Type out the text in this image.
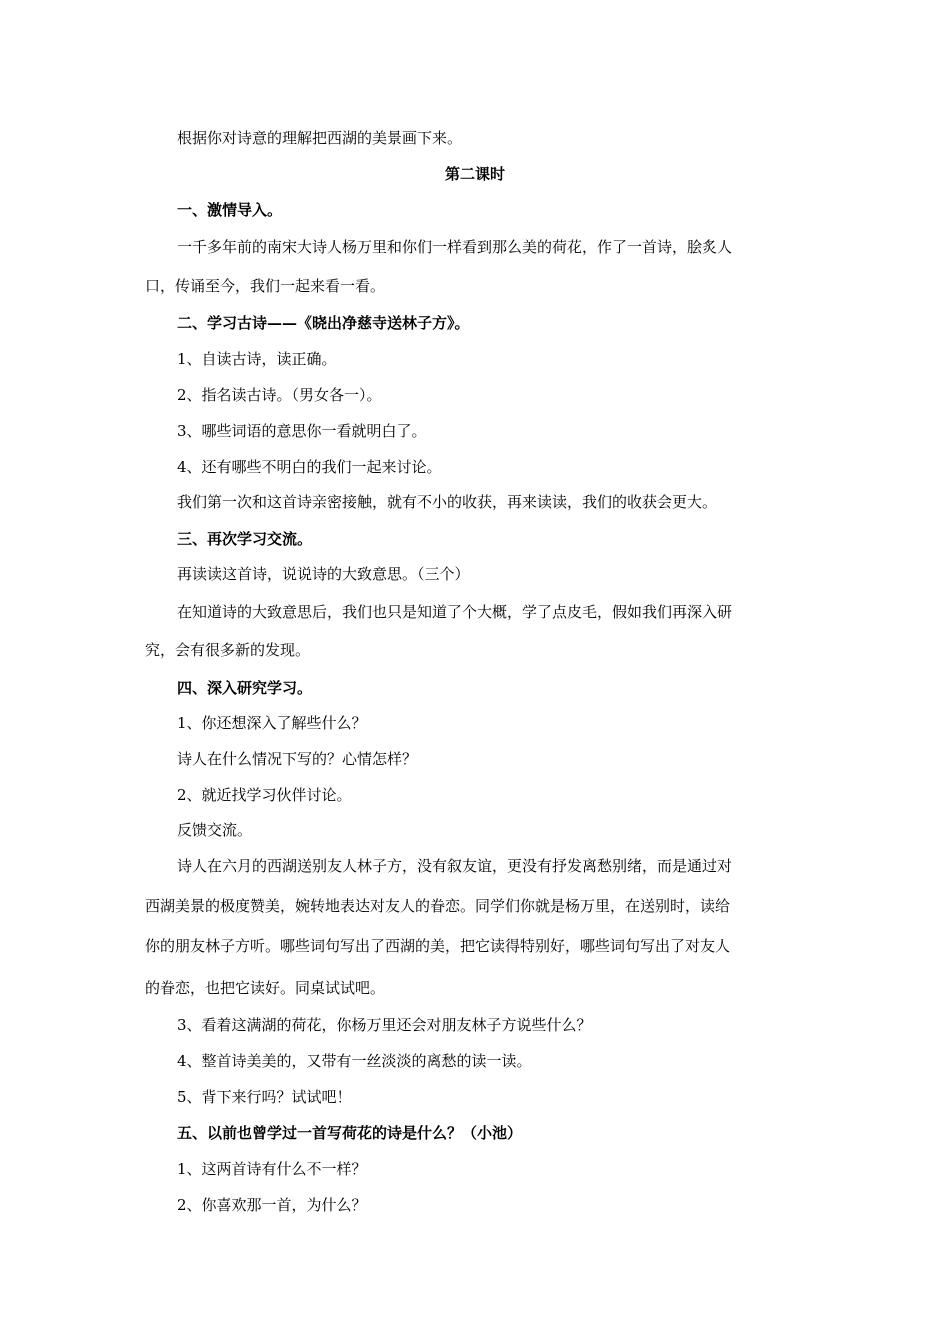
根据你对诗意的理解把西湖的美景画下来。
第二课时
一、激情导入。
一千多年前的南宋大诗人杨万里和你们一样看到那么美的荷花，作了一首诗，脍炙人
口，传诵至今，我们一起来看一看。
二、学习古诗——《晓出净慈寺送林子方》。
1、自读古诗，读正确。
2、指名读古诗。（男女各一）。
3、哪些词语的意思你一看就明白了。
4、还有哪些不明白的我们一起来讨论。
我们第一次和这首诗亲密接触，就有不小的收获，再来读读，我们的收获会更大。
三、再次学习交流。
再读读这首诗，说说诗的大致意思。（三个）
在知道诗的大致意思后，我们也只是知道了个大概，学了点皮毛，假如我们再深入研
究，会有很多新的发现。
四、深入研究学习。
1、你还想深入了解些什么？
诗人在什么情况下写的？心情怎样？
2、就近找学习伙伴讨论。
反馈交流。
诗人在六月的西湖送别友人林子方，没有叙友谊，更没有抒发离愁别绪，而是通过对
西湖美景的极度赞美，婉转地表达对友人的眷恋。同学们你就是杨万里，在送别时，读给
你的朋友林子方听。哪些词句写出了西湖的美，把它读得特别好，哪些词句写出了对友人
的眷恋，也把它读好。同桌试试吧。
3、看着这满湖的荷花，你杨万里还会对朋友林子方说些什么？
4、整首诗美美的，又带有一丝淡淡的离愁的读一读。
5、背下来行吗？试试吧！
五、以前也曾学过一首写荷花的诗是什么？（小池）
1、这两首诗有什么不一样？
2、你喜欢那一首，为什么？
